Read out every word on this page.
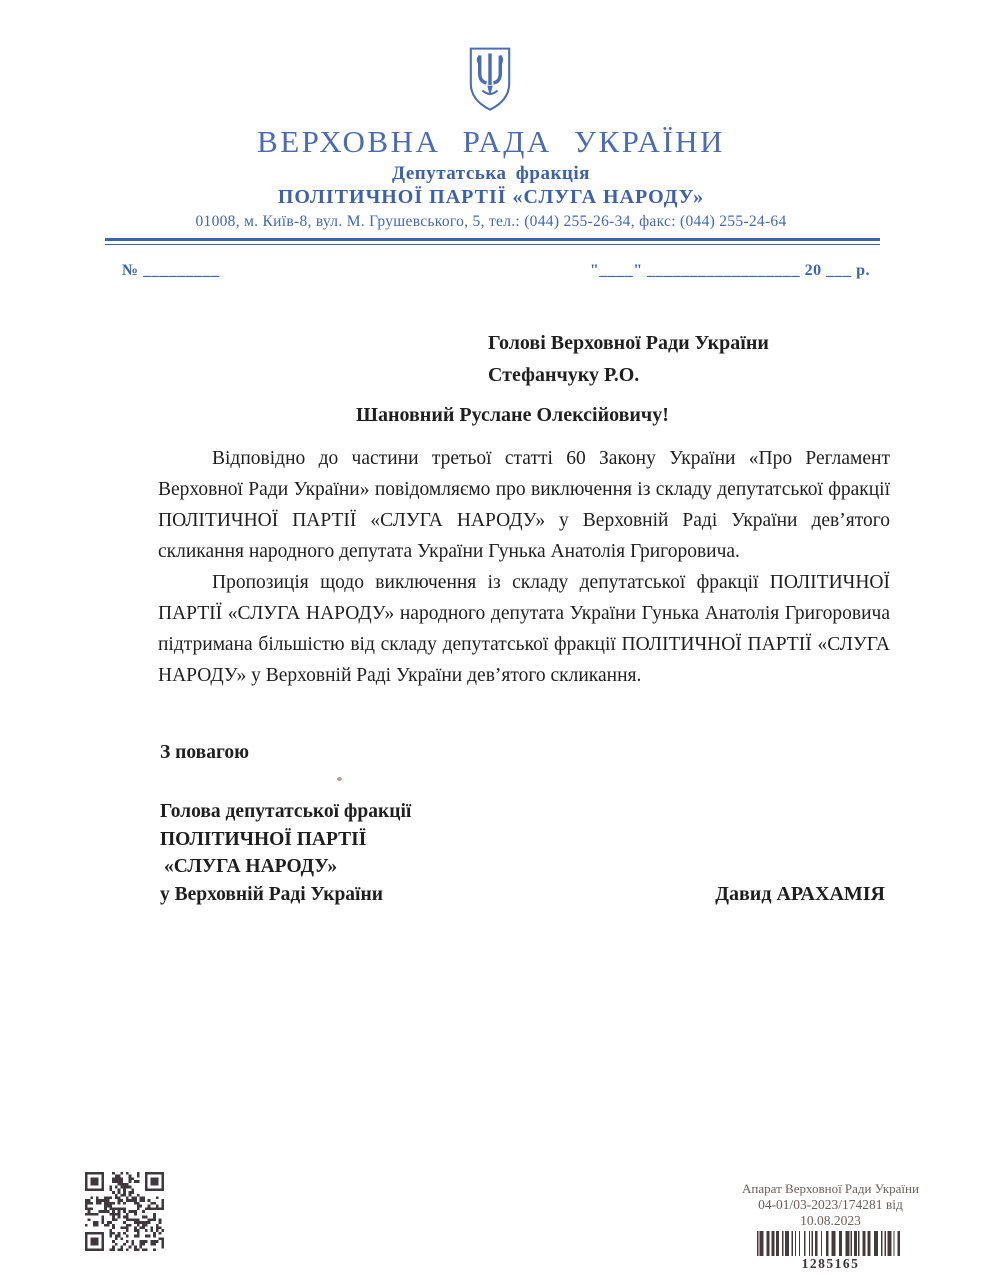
ВЕРХОВНА РАДА УКРАЇНИ
Депутатська фракція
ПОЛІТИЧНОЇ ПАРТІЇ «СЛУГА НАРОДУ»
01008, м. Київ-8, вул. М. Грушевського, 5, тел.: (044) 255-26-34, факс: (044) 255-24-64
№ _________	"____" __________________ 20 ___ р.
Голові Верховної Ради України
Стефанчуку Р.О.
Шановний Руслане Олексійовичу!

Відповідно до частини третьої статті 60 Закону України «Про Регламент Верховної Ради України» повідомляємо про виключення із складу депутатської фракції ПОЛІТИЧНОЇ ПАРТІЇ «СЛУГА НАРОДУ» у Верховній Раді України дев’ятого скликання народного депутата України Гунька Анатолія Григоровича.

Пропозиція щодо виключення із складу депутатської фракції ПОЛІТИЧНОЇ ПАРТІЇ «СЛУГА НАРОДУ» народного депутата України Гунька Анатолія Григоровича підтримана більшістю від складу депутатської фракції ПОЛІТИЧНОЇ ПАРТІЇ «СЛУГА НАРОДУ» у Верховній Раді України дев’ятого скликання.

З повагою
Голова депутатської фракції
ПОЛІТИЧНОЇ ПАРТІЇ
«СЛУГА НАРОДУ»
у Верховній Раді України	Давид АРАХАМІЯ
Апарат Верховної Ради України
04-01/03-2023/174281 від 10.08.2023
1285165
